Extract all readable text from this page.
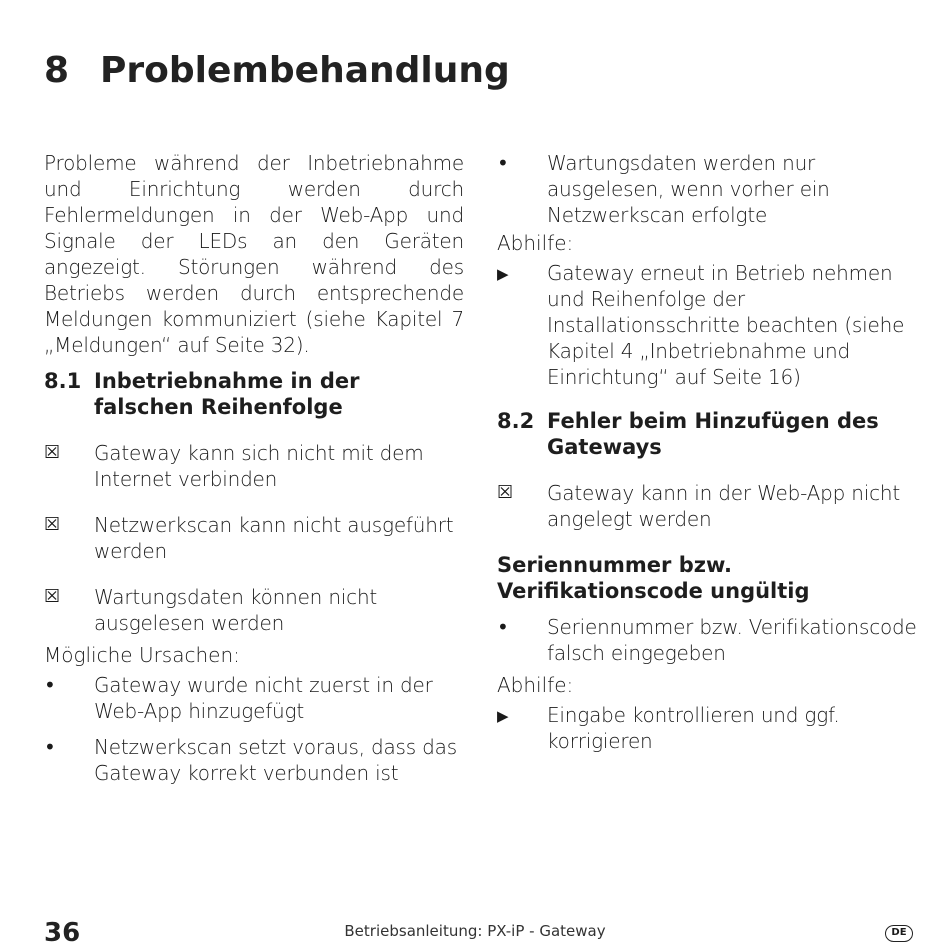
8 Problembehandlung

Probleme während der Inbetriebnahme und Einrichtung werden durch Fehlermeldungen in der Web-App und Signale der LEDs an den Geräten angezeigt. Störungen während des Betriebs werden durch entsprechende Meldungen kommuniziert (siehe Kapitel 7 „Meldungen“ auf Seite 32).

8.1 Inbetriebnahme in der falschen Reihenfolge
☒	Gateway kann sich nicht mit dem Internet verbinden
☒	Netzwerkscan kann nicht ausgeführt werden
☒	Wartungsdaten können nicht ausgelesen werden
Mögliche Ursachen:
•	Gateway wurde nicht zuerst in der Web-App hinzugefügt
•	Netzwerkscan setzt voraus, dass das Gateway korrekt verbunden ist
•	Wartungsdaten werden nur ausgelesen, wenn vorher ein Netzwerkscan erfolgte
Abhilfe:
▶	Gateway erneut in Betrieb nehmen und Reihenfolge der Installationsschritte beachten (siehe Kapitel 4 „Inbetriebnahme und Einrichtung“ auf Seite 16)
8.2 Fehler beim Hinzufügen des Gateways
☒	Gateway kann in der Web-App nicht angelegt werden
Seriennummer bzw. Verifikationscode ungültig
•	Seriennummer bzw. Verifikationscode falsch eingegeben
Abhilfe:
▶	Eingabe kontrollieren und ggf. korrigieren
36	Betriebsanleitung: PX-iP - Gateway	DE
